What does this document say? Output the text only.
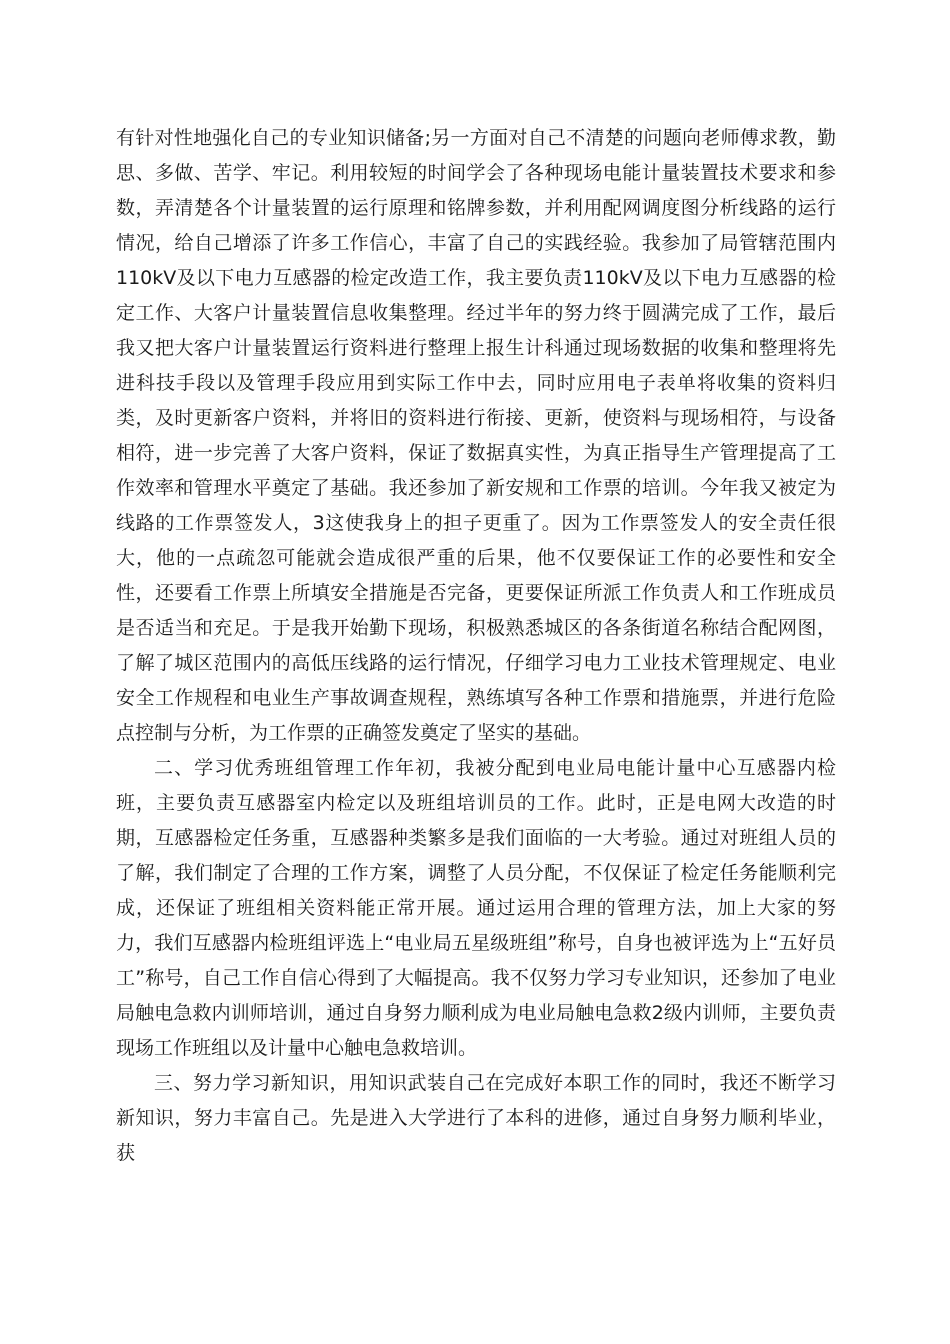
有针对性地强化自己的专业知识储备;另一方面对自己不清楚的问题向老师傅求教，勤思、多做、苦学、牢记。利用较短的时间学会了各种现场电能计量装置技术要求和参数，弄清楚各个计量装置的运行原理和铭牌参数，并利用配网调度图分析线路的运行情况，给自己增添了许多工作信心，丰富了自己的实践经验。我参加了局管辖范围内110kV及以下电力互感器的检定改造工作，我主要负责110kV及以下电力互感器的检定工作、大客户计量装置信息收集整理。经过半年的努力终于圆满完成了工作，最后我又把大客户计量装置运行资料进行整理上报生计科通过现场数据的收集和整理将先进科技手段以及管理手段应用到实际工作中去，同时应用电子表单将收集的资料归类，及时更新客户资料，并将旧的资料进行衔接、更新，使资料与现场相符，与设备相符，进一步完善了大客户资料，保证了数据真实性，为真正指导生产管理提高了工作效率和管理水平奠定了基础。我还参加了新安规和工作票的培训。今年我又被定为线路的工作票签发人，3这使我身上的担子更重了。因为工作票签发人的安全责任很大，他的一点疏忽可能就会造成很严重的后果，他不仅要保证工作的必要性和安全性，还要看工作票上所填安全措施是否完备，更要保证所派工作负责人和工作班成员是否适当和充足。于是我开始勤下现场，积极熟悉城区的各条街道名称结合配网图，了解了城区范围内的高低压线路的运行情况，仔细学习电力工业技术管理规定、电业安全工作规程和电业生产事故调查规程，熟练填写各种工作票和措施票，并进行危险点控制与分析，为工作票的正确签发奠定了坚实的基础。

二、学习优秀班组管理工作年初，我被分配到电业局电能计量中心互感器内检班，主要负责互感器室内检定以及班组培训员的工作。此时，正是电网大改造的时期，互感器检定任务重，互感器种类繁多是我们面临的一大考验。通过对班组人员的了解，我们制定了合理的工作方案，调整了人员分配，不仅保证了检定任务能顺利完成，还保证了班组相关资料能正常开展。通过运用合理的管理方法，加上大家的努力，我们互感器内检班组评选上“电业局五星级班组”称号，自身也被评选为上“五好员工”称号，自己工作自信心得到了大幅提高。我不仅努力学习专业知识，还参加了电业局触电急救内训师培训，通过自身努力顺利成为电业局触电急救2级内训师，主要负责现场工作班组以及计量中心触电急救培训。

三、努力学习新知识，用知识武装自己在完成好本职工作的同时，我还不断学习新知识，努力丰富自己。先是进入大学进行了本科的进修，通过自身努力顺利毕业，获
